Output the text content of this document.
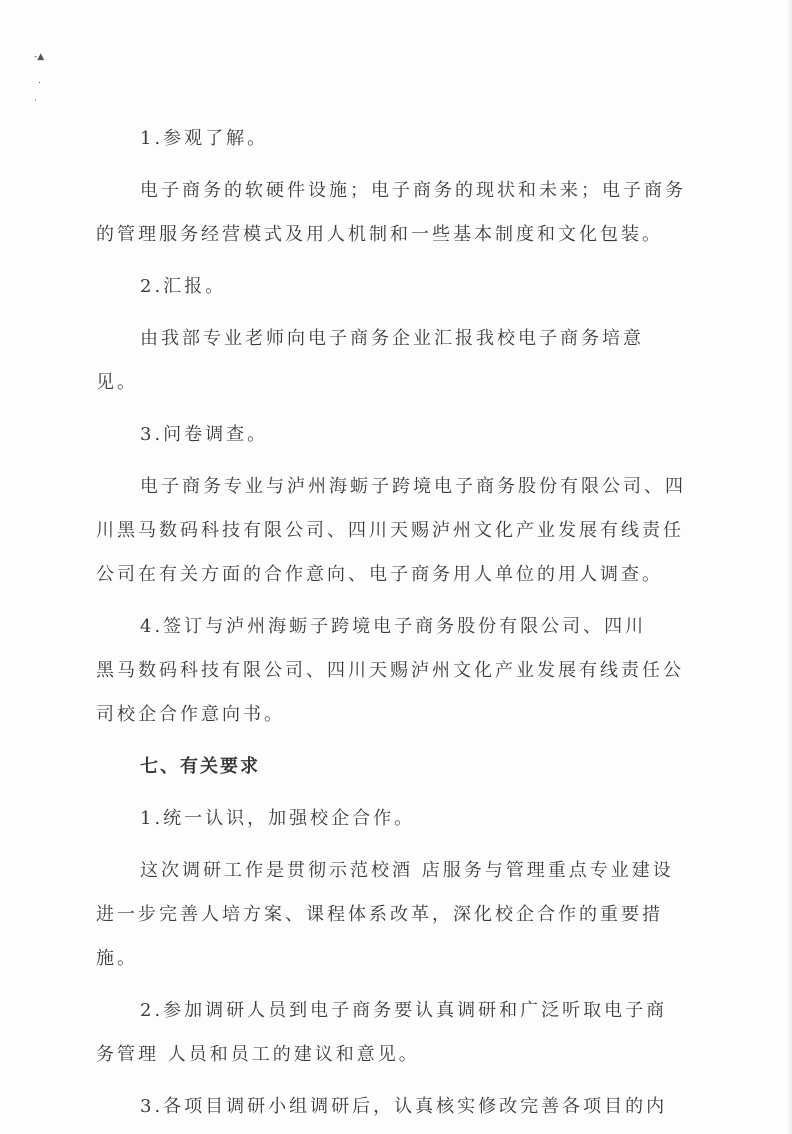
-▲
.
·

1.参观了解。

电子商务的软硬件设施；电子商务的现状和未来；电子商务

的管理服务经营模式及用人机制和一些基本制度和文化包装。

2.汇报。

由我部专业老师向电子商务企业汇报我校电子商务培意

见。

3.问卷调查。

电子商务专业与泸州海蛎子跨境电子商务股份有限公司、四

川黑马数码科技有限公司、四川天赐泸州文化产业发展有线责任

公司在有关方面的合作意向、电子商务用人单位的用人调查。

4.签订与泸州海蛎子跨境电子商务股份有限公司、四川

黑马数码科技有限公司、四川天赐泸州文化产业发展有线责任公

司校企合作意向书。

七、有关要求

1.统一认识，加强校企合作。

这次调研工作是贯彻示范校酒 店服务与管理重点专业建设

进一步完善人培方案、课程体系改革，深化校企合作的重要措

施。

2.参加调研人员到电子商务要认真调研和广泛听取电子商

务管理 人员和员工的建议和意见。

3.各项目调研小组调研后，认真核实修改完善各项目的内
